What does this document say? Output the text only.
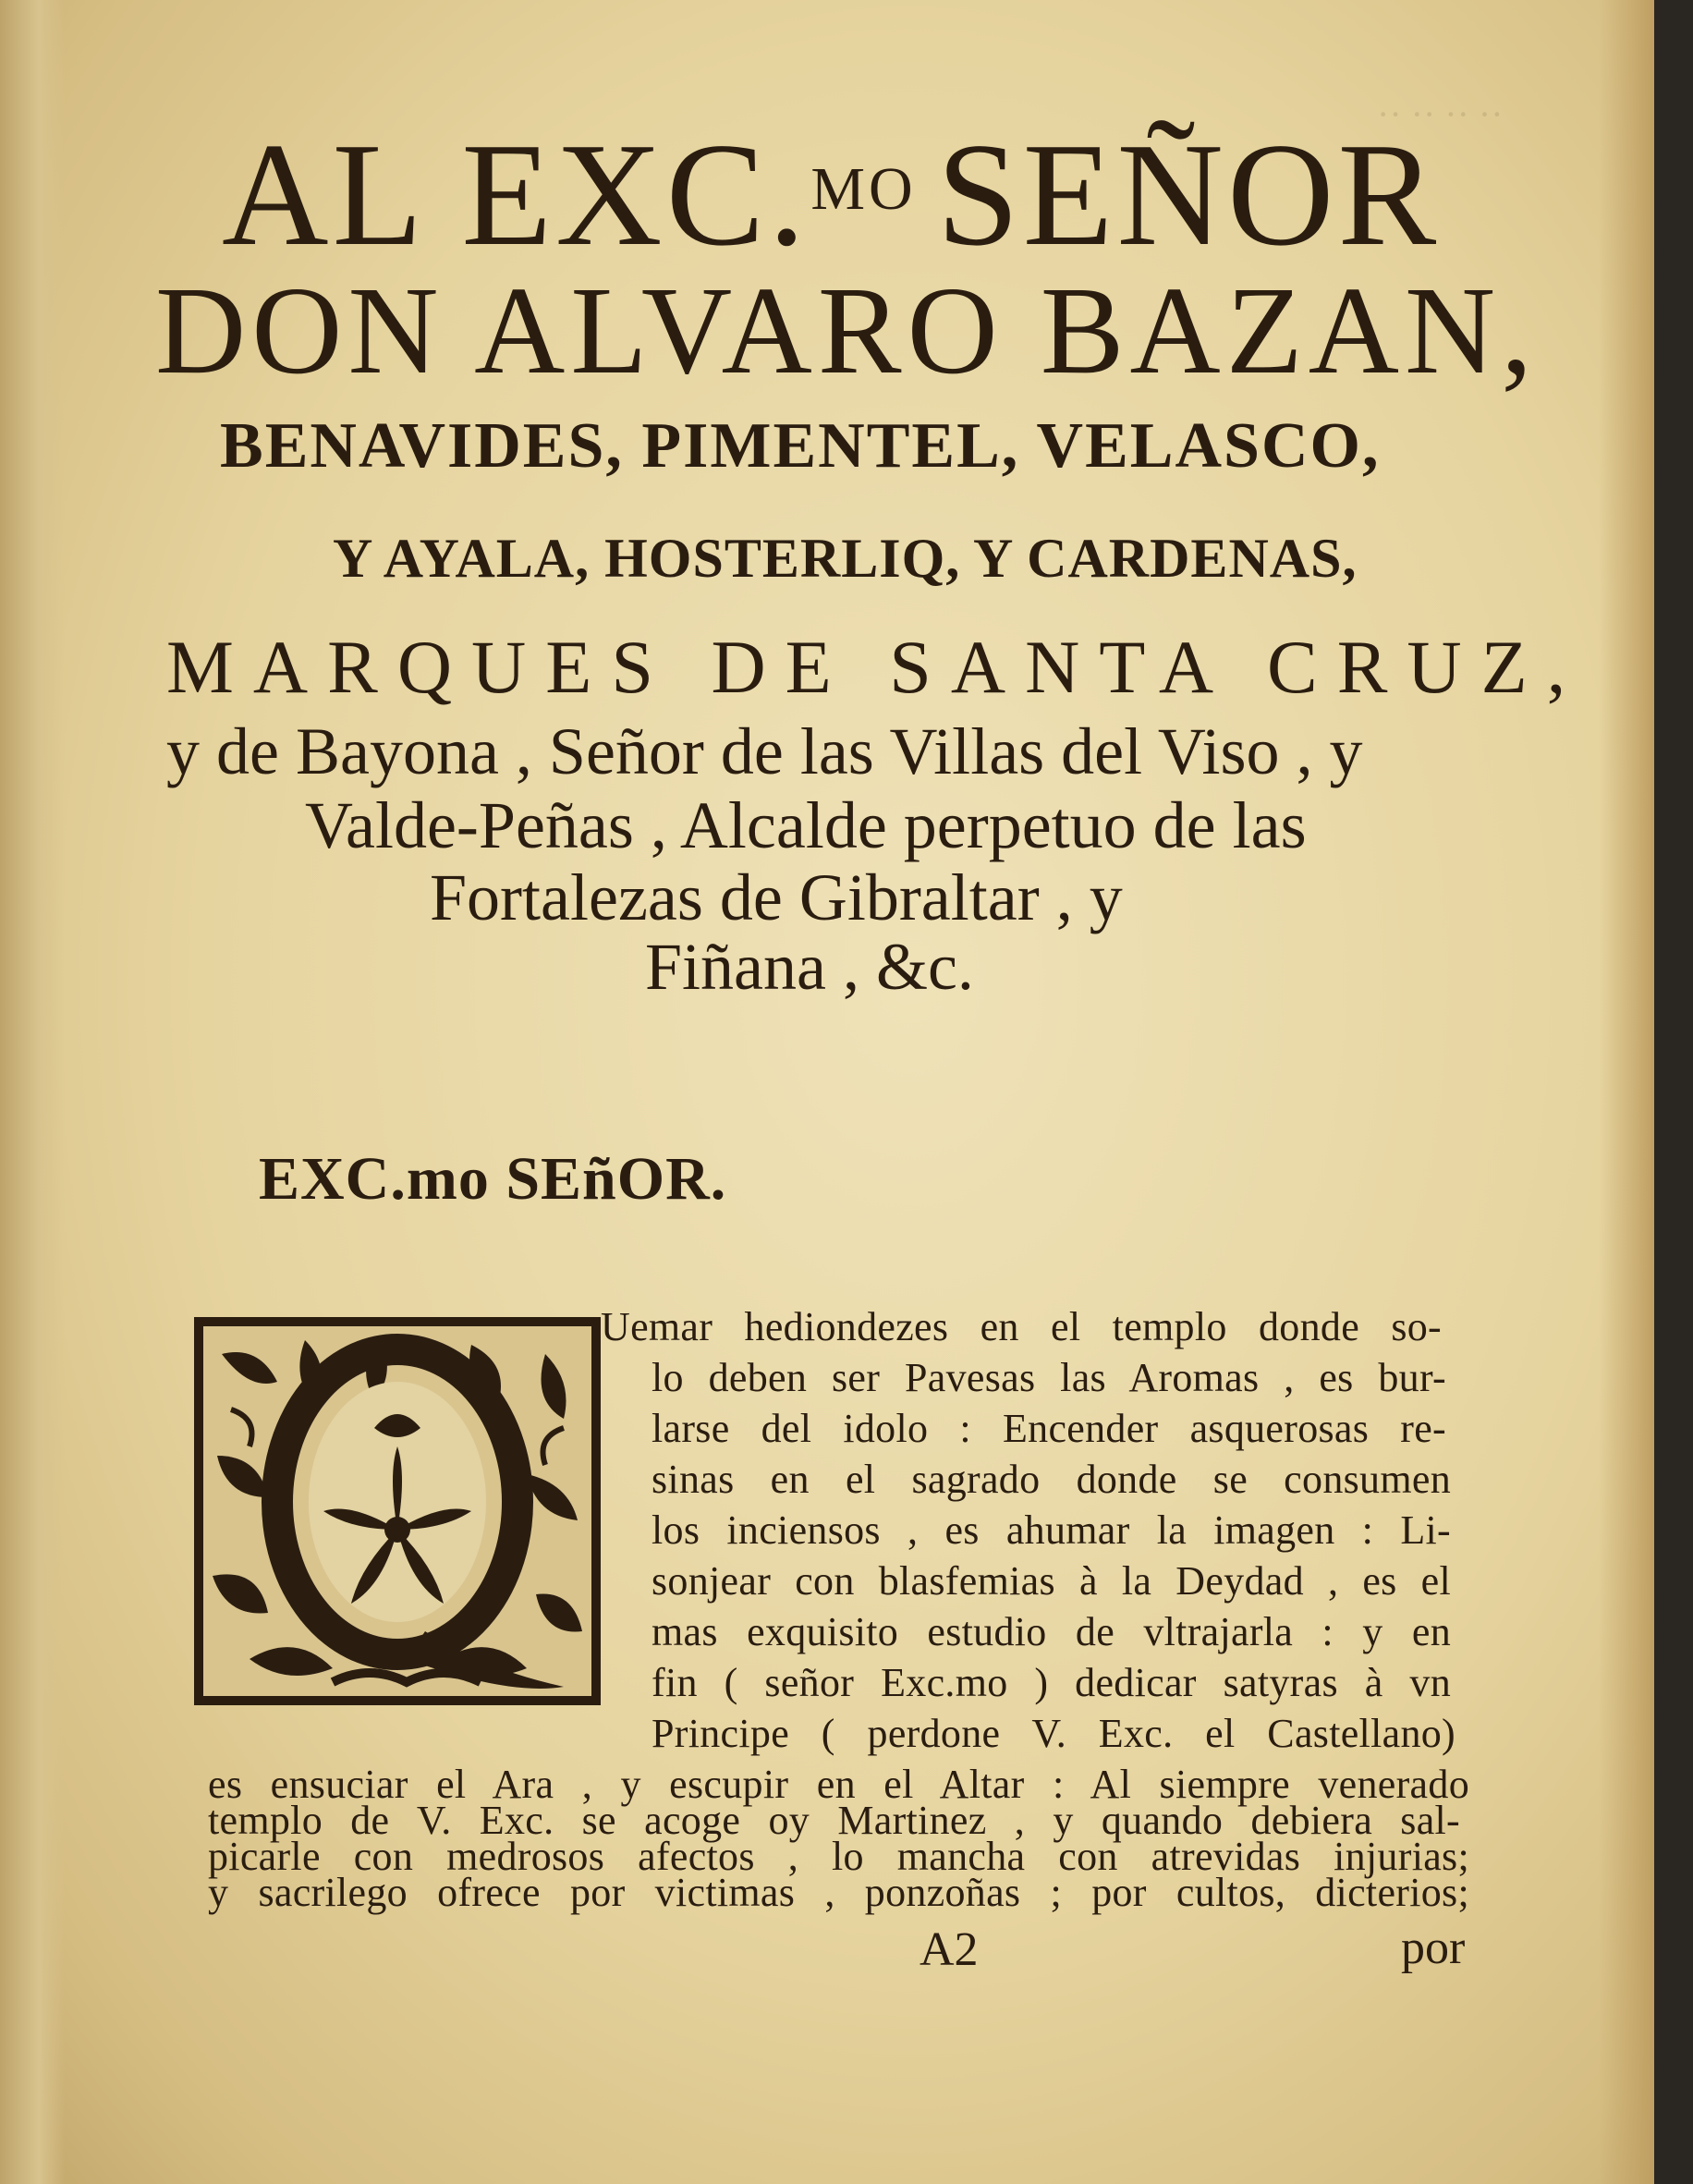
·· ·· ·· ··
AL EXC.$^{MO}$ SEÑOR
DON ALVARO BAZAN,
BENAVIDES, PIMENTEL, VELASCO,
Y AYALA, HOSTERLIQ, Y CARDENAS,
MARQUES DE SANTA CRUZ,
y de Bayona , Señor de las Villas del Viso , y
Valde-Peñas , Alcalde perpetuo de las
Fortalezas de Gibraltar , y
Fiñana , &c.
EXC.mo SEñOR.
Uemar hediondezes en el templo donde so-
lo deben ser Pavesas las Aromas , es bur-
larse del idolo : Encender asquerosas re-
sinas en el sagrado donde se consumen
los inciensos , es ahumar la imagen : Li-
sonjear con blasfemias à la Deydad , es el
mas exquisito estudio de vltrajarla : y en
fin ( señor Exc.mo ) dedicar satyras à vn
Principe ( perdone V. Exc. el Castellano)
es ensuciar el Ara , y escupir en el Altar : Al siempre venerado
templo de V. Exc. se acoge oy Martinez , y quando debiera sal-
picarle con medrosos afectos , lo mancha con atrevidas injurias;
y sacrilego ofrece por victimas , ponzoñas ; por cultos, dicterios;
A2	por
